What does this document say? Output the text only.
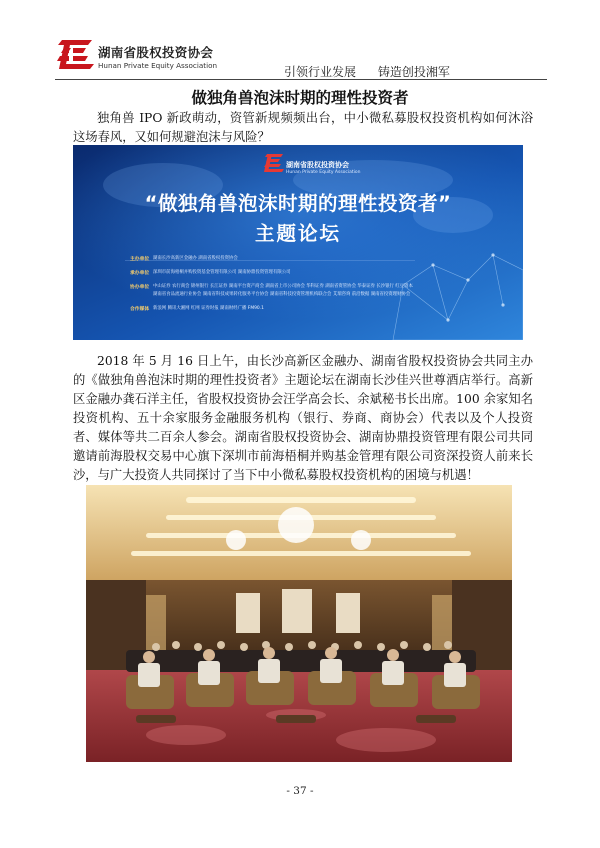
湖南省股权投资协会
Hunan Private Equity Association	引领行业发展 铸造创投湘军
做独角兽泡沫时期的理性投资者

独角兽 IPO 新政萌动，资管新规频频出台，中小微私募股权投资机构如何沐浴这场春风，又如何规避泡沫与风险？

湖南省股权投资协会
Hunan Private Equity Association
“做独角兽泡沫时期的理性投资者”
主题论坛
主办单位 湖南长沙高新区金融办 湖南省股权投资协会
承办单位 深圳市前海梧桐并购投资基金管理有限公司 湖南协鼎投资管理有限公司
协办单位 中山证券 农行商会 锦州银行 长江证券 湖南平台资产商会 湖南省上市公司协会 华科证券 湖南省资管协会 华泰证券 长沙银行 红豆资本
湖南省食品流通行业协会 湖南省科技成果转化服务平台协会 湖南省科技投资管理机构联合会 艾瑞咨询 前沿数据 湖南省投资理财协会
合作媒体 新浪网 腾讯大湘网 红网 证券时报 湖南财经广播 FM90.1

2018 年 5 月 16 日上午，由长沙高新区金融办、湖南省股权投资协会共同主办的《做独角兽泡沫时期的理性投资者》主题论坛在湖南长沙佳兴世尊酒店举行。高新区金融办龚石洋主任，省股权投资协会汪学高会长、余斌秘书长出席。100 余家知名投资机构、五十余家服务金融服务机构（银行、券商、商协会）代表以及个人投资者、媒体等共二百余人参会。湖南省股权投资协会、湖南协鼎投资管理有限公司共同邀请前海股权交易中心旗下深圳市前海梧桐并购基金管理有限公司资深投资人前来长沙，与广大投资人共同探讨了当下中小微私募股权投资机构的困境与机遇！

- 37 -
